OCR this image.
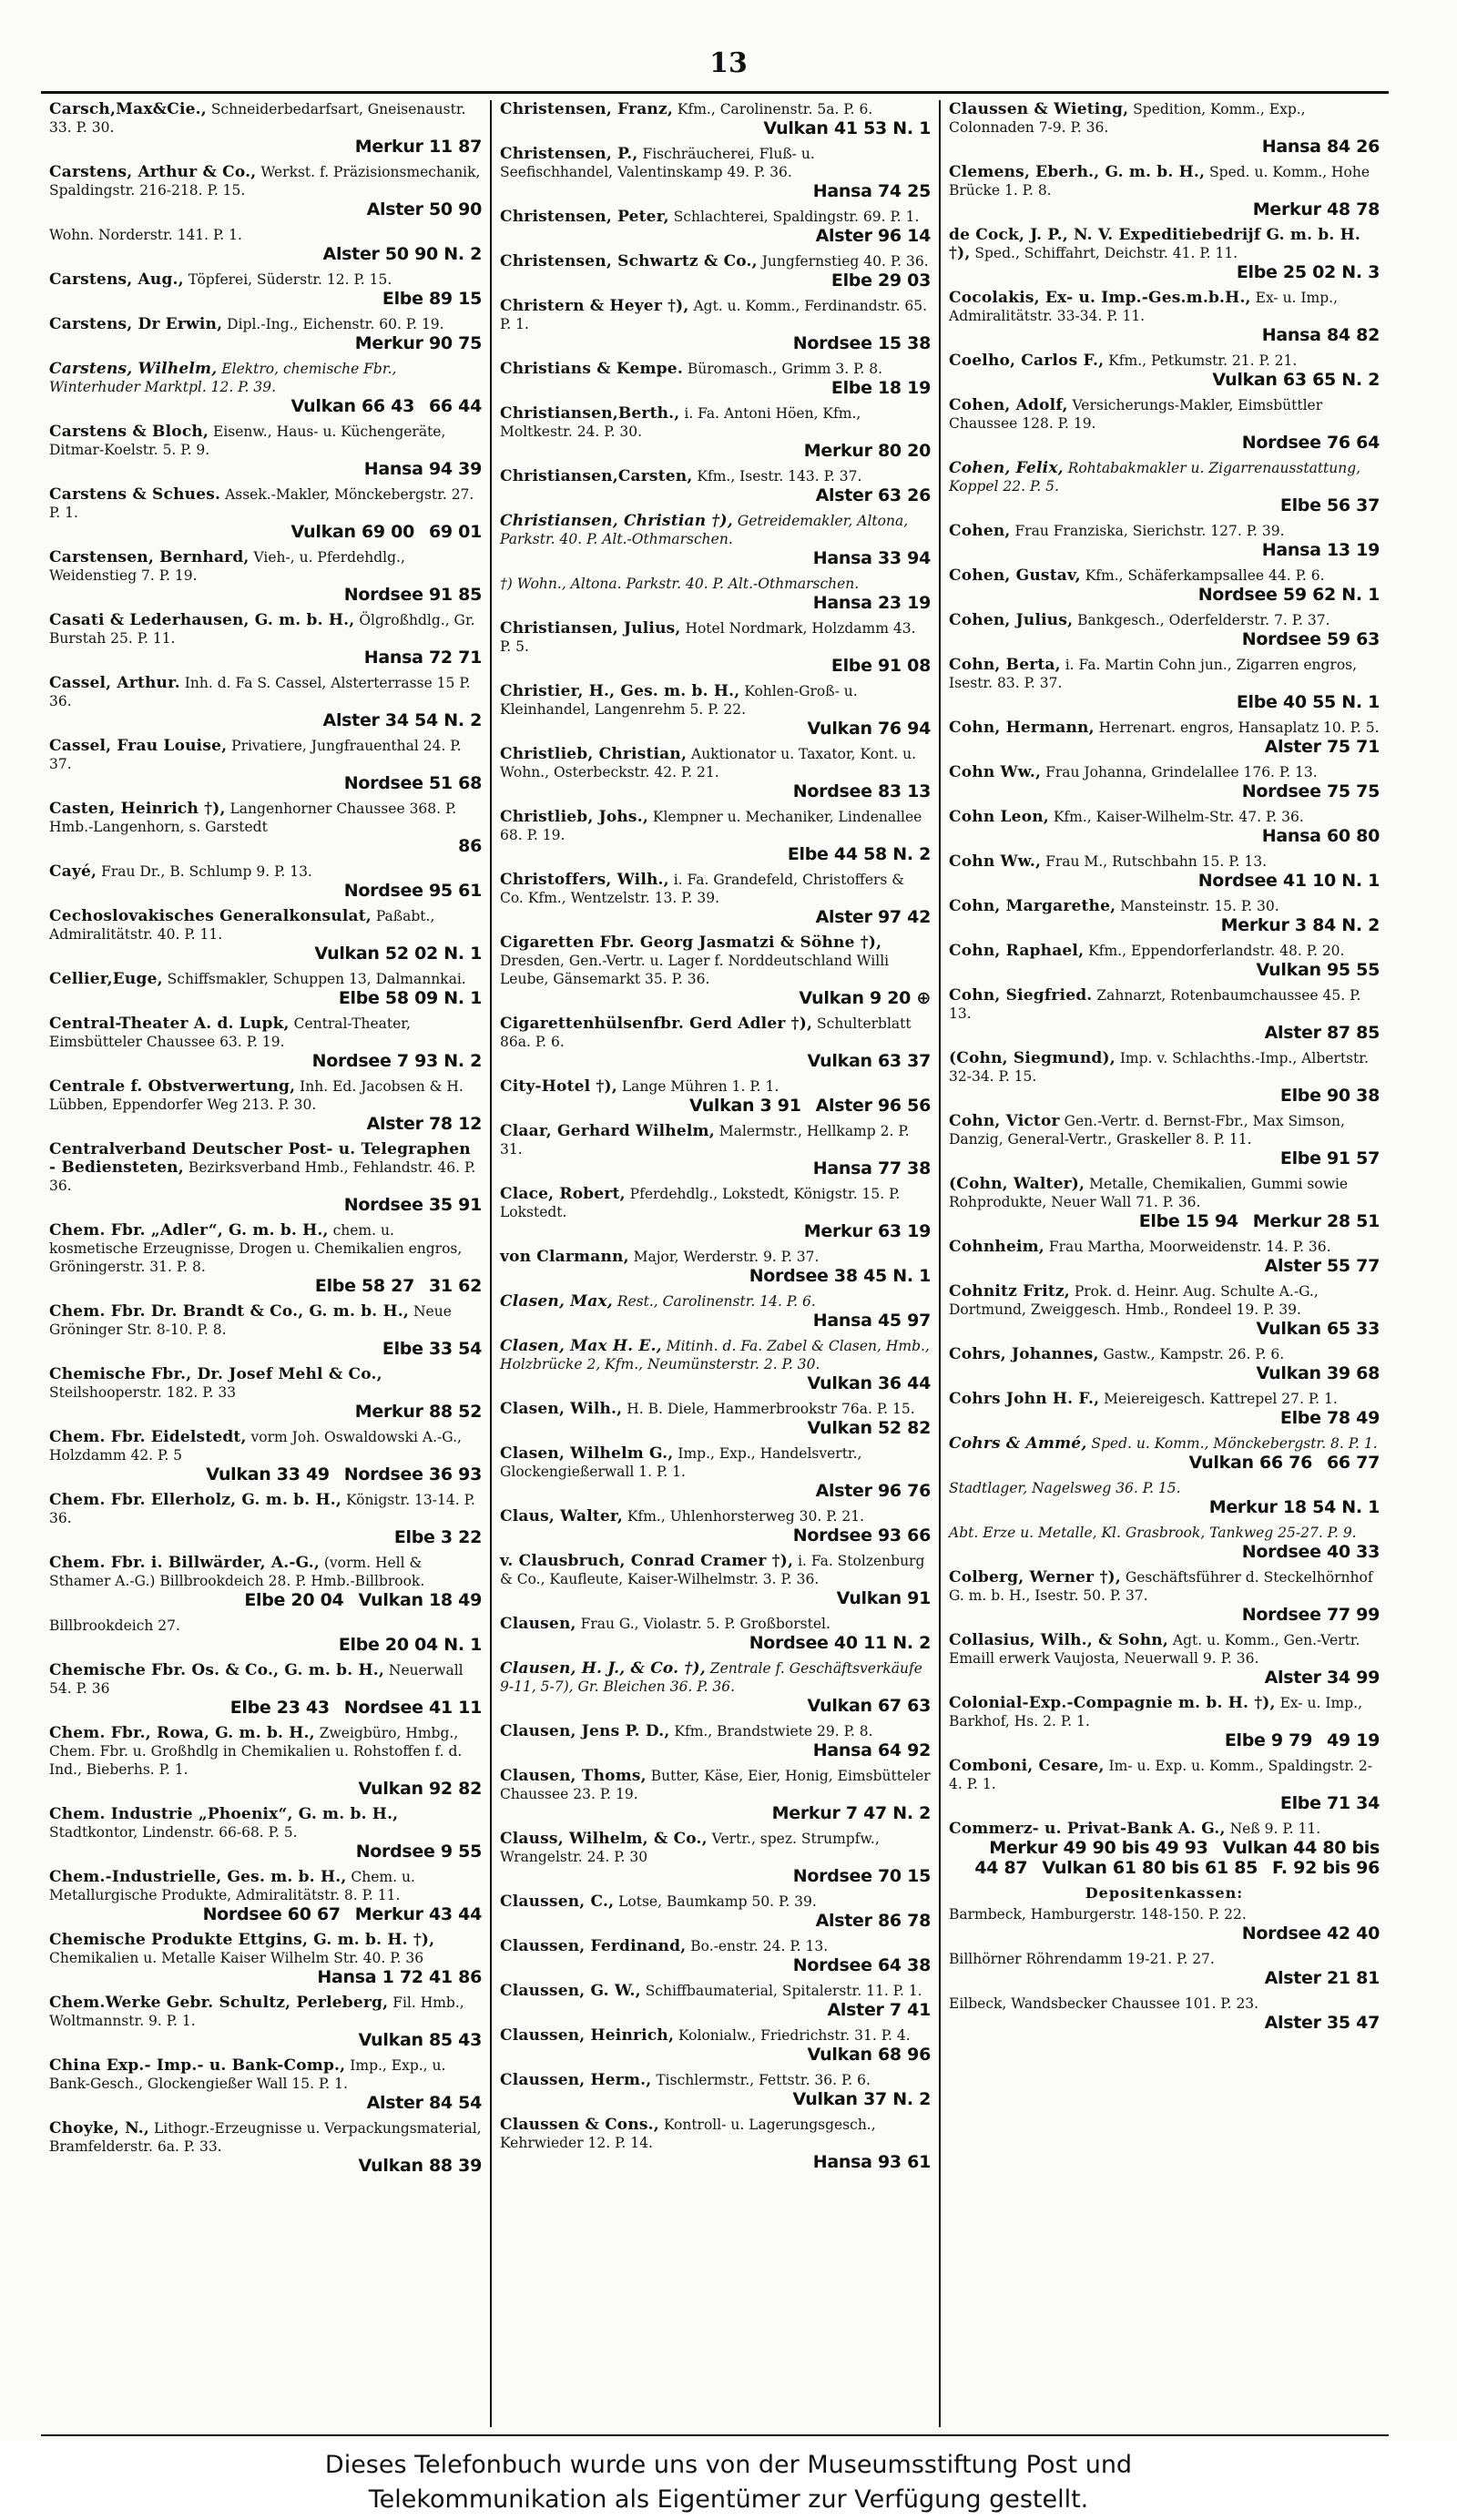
13
Carsch,Max&Cie., Schneiderbedarfsart, Gneisenaustr. 33. P. 30.
Merkur 11 87
Carstens, Arthur & Co., Werkst. f. Präzisionsmechanik, Spaldingstr. 216-218. P. 15.
Alster 50 90
Wohn. Norderstr. 141. P. 1.
Alster 50 90 N. 2
Carstens, Aug., Töpferei, Süderstr. 12. P. 15.
Elbe 89 15
Carstens, Dr Erwin, Dipl.-Ing., Eichenstr. 60. P. 19.
Merkur 90 75
Carstens, Wilhelm, Elektro, chemische Fbr., Winterhuder Marktpl. 12. P. 39.
Vulkan 66 43 66 44
Carstens & Bloch, Eisenw., Haus- u. Küchengeräte, Ditmar-Koelstr. 5. P. 9.
Hansa 94 39
Carstens & Schues. Assek.-Makler, Mönckebergstr. 27. P. 1.
Vulkan 69 00 69 01
Carstensen, Bernhard, Vieh-, u. Pferdehdlg., Weidenstieg 7. P. 19.
Nordsee 91 85
Casati & Lederhausen, G. m. b. H., Ölgroßhdlg., Gr. Burstah 25. P. 11.
Hansa 72 71
Cassel, Arthur. Inh. d. Fa S. Cassel, Alsterterrasse 15 P. 36.
Alster 34 54 N. 2
Cassel, Frau Louise, Privatiere, Jungfrauenthal 24. P. 37.
Nordsee 51 68
Casten, Heinrich †), Langenhorner Chaussee 368. P. Hmb.-Langenhorn, s. Garstedt
86
Cayé, Frau Dr., B. Schlump 9. P. 13.
Nordsee 95 61
Cechoslovakisches Generalkonsulat, Paßabt., Admiralitätstr. 40. P. 11.
Vulkan 52 02 N. 1
Cellier,Euge, Schiffsmakler, Schuppen 13, Dalmannkai.
Elbe 58 09 N. 1
Central-Theater A. d. Lupk, Central-Theater, Eimsbütteler Chaussee 63. P. 19.
Nordsee 7 93 N. 2
Centrale f. Obstverwertung, Inh. Ed. Jacobsen & H. Lübben, Eppendorfer Weg 213. P. 30.
Alster 78 12
Centralverband Deutscher Post- u. Telegraphen - Bediensteten, Bezirksverband Hmb., Fehlandstr. 46. P. 36.
Nordsee 35 91
Chem. Fbr. „Adler“, G. m. b. H., chem. u. kosmetische Erzeugnisse, Drogen u. Chemikalien engros, Gröningerstr. 31. P. 8.
Elbe 58 27 31 62
Chem. Fbr. Dr. Brandt & Co., G. m. b. H., Neue Gröninger Str. 8-10. P. 8.
Elbe 33 54
Chemische Fbr., Dr. Josef Mehl & Co., Steilshooperstr. 182. P. 33
Merkur 88 52
Chem. Fbr. Eidelstedt, vorm Joh. Oswaldowski A.-G., Holzdamm 42. P. 5
Vulkan 33 49 Nordsee 36 93
Chem. Fbr. Ellerholz, G. m. b. H., Königstr. 13-14. P. 36.
Elbe 3 22
Chem. Fbr. i. Billwärder, A.-G., (vorm. Hell & Sthamer A.-G.) Billbrookdeich 28. P. Hmb.-Billbrook.
Elbe 20 04 Vulkan 18 49
Billbrookdeich 27.
Elbe 20 04 N. 1
Chemische Fbr. Os. & Co., G. m. b. H., Neuerwall 54. P. 36
Elbe 23 43 Nordsee 41 11
Chem. Fbr., Rowa, G. m. b. H., Zweigbüro, Hmbg., Chem. Fbr. u. Großhdlg in Chemikalien u. Rohstoffen f. d. Ind., Bieberhs. P. 1.
Vulkan 92 82
Chem. Industrie „Phoenix“, G. m. b. H., Stadtkontor, Lindenstr. 66-68. P. 5.
Nordsee 9 55
Chem.-Industrielle, Ges. m. b. H., Chem. u. Metallurgische Produkte, Admiralitätstr. 8. P. 11.
Nordsee 60 67 Merkur 43 44
Chemische Produkte Ettgins, G. m. b. H. †), Chemikalien u. Metalle Kaiser Wilhelm Str. 40. P. 36
Hansa 1 72 41 86
Chem.Werke Gebr. Schultz, Perleberg, Fil. Hmb., Woltmannstr. 9. P. 1.
Vulkan 85 43
China Exp.- Imp.- u. Bank-Comp., Imp., Exp., u. Bank-Gesch., Glockengießer Wall 15. P. 1.
Alster 84 54
Choyke, N., Lithogr.-Erzeugnisse u. Verpackungsmaterial, Bramfelderstr. 6a. P. 33.
Vulkan 88 39
Christensen, Franz, Kfm., Carolinenstr. 5a. P. 6.
Vulkan 41 53 N. 1
Christensen, P., Fischräucherei, Fluß- u. Seefischhandel, Valentinskamp 49. P. 36.
Hansa 74 25
Christensen, Peter, Schlachterei, Spaldingstr. 69. P. 1.
Alster 96 14
Christensen, Schwartz & Co., Jungfernstieg 40. P. 36.
Elbe 29 03
Christern & Heyer †), Agt. u. Komm., Ferdinandstr. 65. P. 1.
Nordsee 15 38
Christians & Kempe. Büromasch., Grimm 3. P. 8.
Elbe 18 19
Christiansen,Berth., i. Fa. Antoni Höen, Kfm., Moltkestr. 24. P. 30.
Merkur 80 20
Christiansen,Carsten, Kfm., Isestr. 143. P. 37.
Alster 63 26
Christiansen, Christian †), Getreidemakler, Altona, Parkstr. 40. P. Alt.-Othmarschen.
Hansa 33 94
†) Wohn., Altona. Parkstr. 40. P. Alt.-Othmarschen.
Hansa 23 19
Christiansen, Julius, Hotel Nordmark, Holzdamm 43. P. 5.
Elbe 91 08
Christier, H., Ges. m. b. H., Kohlen-Groß- u. Kleinhandel, Langenrehm 5. P. 22.
Vulkan 76 94
Christlieb, Christian, Auktionator u. Taxator, Kont. u. Wohn., Osterbeckstr. 42. P. 21.
Nordsee 83 13
Christlieb, Johs., Klempner u. Mechaniker, Lindenallee 68. P. 19.
Elbe 44 58 N. 2
Christoffers, Wilh., i. Fa. Grandefeld, Christoffers & Co. Kfm., Wentzelstr. 13. P. 39.
Alster 97 42
Cigaretten Fbr. Georg Jasmatzi & Söhne †), Dresden, Gen.-Vertr. u. Lager f. Norddeutschland Willi Leube, Gänsemarkt 35. P. 36.
Vulkan 9 20 ⊕
Cigarettenhülsenfbr. Gerd Adler †), Schulterblatt 86a. P. 6.
Vulkan 63 37
City-Hotel †), Lange Mühren 1. P. 1.
Vulkan 3 91 Alster 96 56
Claar, Gerhard Wilhelm, Malermstr., Hellkamp 2. P. 31.
Hansa 77 38
Clace, Robert, Pferdehdlg., Lokstedt, Königstr. 15. P. Lokstedt.
Merkur 63 19
von Clarmann, Major, Werderstr. 9. P. 37.
Nordsee 38 45 N. 1
Clasen, Max, Rest., Carolinenstr. 14. P. 6.
Hansa 45 97
Clasen, Max H. E., Mitinh. d. Fa. Zabel & Clasen, Hmb., Holzbrücke 2, Kfm., Neumünsterstr. 2. P. 30.
Vulkan 36 44
Clasen, Wilh., H. B. Diele, Hammerbrookstr 76a. P. 15.
Vulkan 52 82
Clasen, Wilhelm G., Imp., Exp., Handelsvertr., Glockengießerwall 1. P. 1.
Alster 96 76
Claus, Walter, Kfm., Uhlenhorsterweg 30. P. 21.
Nordsee 93 66
v. Clausbruch, Conrad Cramer †), i. Fa. Stolzenburg & Co., Kaufleute, Kaiser-Wilhelmstr. 3. P. 36.
Vulkan 91
Clausen, Frau G., Violastr. 5. P. Großborstel.
Nordsee 40 11 N. 2
Clausen, H. J., & Co. †), Zentrale f. Geschäftsverkäufe 9-11, 5-7), Gr. Bleichen 36. P. 36.
Vulkan 67 63
Clausen, Jens P. D., Kfm., Brandstwiete 29. P. 8.
Hansa 64 92
Clausen, Thoms, Butter, Käse, Eier, Honig, Eimsbütteler Chaussee 23. P. 19.
Merkur 7 47 N. 2
Clauss, Wilhelm, & Co., Vertr., spez. Strumpfw., Wrangelstr. 24. P. 30
Nordsee 70 15
Claussen, C., Lotse, Baumkamp 50. P. 39.
Alster 86 78
Claussen, Ferdinand, Bo.-enstr. 24. P. 13.
Nordsee 64 38
Claussen, G. W., Schiffbaumaterial, Spitalerstr. 11. P. 1.
Alster 7 41
Claussen, Heinrich, Kolonialw., Friedrichstr. 31. P. 4.
Vulkan 68 96
Claussen, Herm., Tischlermstr., Fettstr. 36. P. 6.
Vulkan 37 N. 2
Claussen & Cons., Kontroll- u. Lagerungsgesch., Kehrwieder 12. P. 14.
Hansa 93 61
Claussen & Wieting, Spedition, Komm., Exp., Colonnaden 7-9. P. 36.
Hansa 84 26
Clemens, Eberh., G. m. b. H., Sped. u. Komm., Hohe Brücke 1. P. 8.
Merkur 48 78
de Cock, J. P., N. V. Expeditiebedrijf G. m. b. H. †), Sped., Schiffahrt, Deichstr. 41. P. 11.
Elbe 25 02 N. 3
Cocolakis, Ex- u. Imp.-Ges.m.b.H., Ex- u. Imp., Admiralitätstr. 33-34. P. 11.
Hansa 84 82
Coelho, Carlos F., Kfm., Petkumstr. 21. P. 21.
Vulkan 63 65 N. 2
Cohen, Adolf, Versicherungs-Makler, Eimsbüttler Chaussee 128. P. 19.
Nordsee 76 64
Cohen, Felix, Rohtabakmakler u. Zigarrenausstattung, Koppel 22. P. 5.
Elbe 56 37
Cohen, Frau Franziska, Sierichstr. 127. P. 39.
Hansa 13 19
Cohen, Gustav, Kfm., Schäferkampsallee 44. P. 6.
Nordsee 59 62 N. 1
Cohen, Julius, Bankgesch., Oderfelderstr. 7. P. 37.
Nordsee 59 63
Cohn, Berta, i. Fa. Martin Cohn jun., Zigarren engros, Isestr. 83. P. 37.
Elbe 40 55 N. 1
Cohn, Hermann, Herrenart. engros, Hansaplatz 10. P. 5.
Alster 75 71
Cohn Ww., Frau Johanna, Grindelallee 176. P. 13.
Nordsee 75 75
Cohn Leon, Kfm., Kaiser-Wilhelm-Str. 47. P. 36.
Hansa 60 80
Cohn Ww., Frau M., Rutschbahn 15. P. 13.
Nordsee 41 10 N. 1
Cohn, Margarethe, Mansteinstr. 15. P. 30.
Merkur 3 84 N. 2
Cohn, Raphael, Kfm., Eppendorferlandstr. 48. P. 20.
Vulkan 95 55
Cohn, Siegfried. Zahnarzt, Rotenbaumchaussee 45. P. 13.
Alster 87 85
(Cohn, Siegmund), Imp. v. Schlachths.-Imp., Albertstr. 32-34. P. 15.
Elbe 90 38
Cohn, Victor Gen.-Vertr. d. Bernst-Fbr., Max Simson, Danzig, General-Vertr., Graskeller 8. P. 11.
Elbe 91 57
(Cohn, Walter), Metalle, Chemikalien, Gummi sowie Rohprodukte, Neuer Wall 71. P. 36.
Elbe 15 94 Merkur 28 51
Cohnheim, Frau Martha, Moorweidenstr. 14. P. 36.
Alster 55 77
Cohnitz Fritz, Prok. d. Heinr. Aug. Schulte A.-G., Dortmund, Zweiggesch. Hmb., Rondeel 19. P. 39.
Vulkan 65 33
Cohrs, Johannes, Gastw., Kampstr. 26. P. 6.
Vulkan 39 68
Cohrs John H. F., Meiereigesch. Kattrepel 27. P. 1.
Elbe 78 49
Cohrs & Ammé, Sped. u. Komm., Mönckebergstr. 8. P. 1.
Vulkan 66 76 66 77
Stadtlager, Nagelsweg 36. P. 15.
Merkur 18 54 N. 1
Abt. Erze u. Metalle, Kl. Grasbrook, Tankweg 25-27. P. 9.
Nordsee 40 33
Colberg, Werner †), Geschäftsführer d. Steckelhörnhof G. m. b. H., Isestr. 50. P. 37.
Nordsee 77 99
Collasius, Wilh., & Sohn, Agt. u. Komm., Gen.-Vertr. Emaill erwerk Vaujosta, Neuerwall 9. P. 36.
Alster 34 99
Colonial-Exp.-Compagnie m. b. H. †), Ex- u. Imp., Barkhof, Hs. 2. P. 1.
Elbe 9 79 49 19
Comboni, Cesare, Im- u. Exp. u. Komm., Spaldingstr. 2-4. P. 1.
Elbe 71 34
Commerz- u. Privat-Bank A. G., Neß 9. P. 11.
Merkur 49 90 bis 49 93 Vulkan 44 80 bis 44 87 Vulkan 61 80 bis 61 85 F. 92 bis 96
Depositenkassen:
Barmbeck, Hamburgerstr. 148-150. P. 22.
Nordsee 42 40
Billhörner Röhrendamm 19-21. P. 27.
Alster 21 81
Eilbeck, Wandsbecker Chaussee 101. P. 23.
Alster 35 47
Dieses Telefonbuch wurde uns von der Museumsstiftung Post und
Telekommunikation als Eigentümer zur Verfügung gestellt.
